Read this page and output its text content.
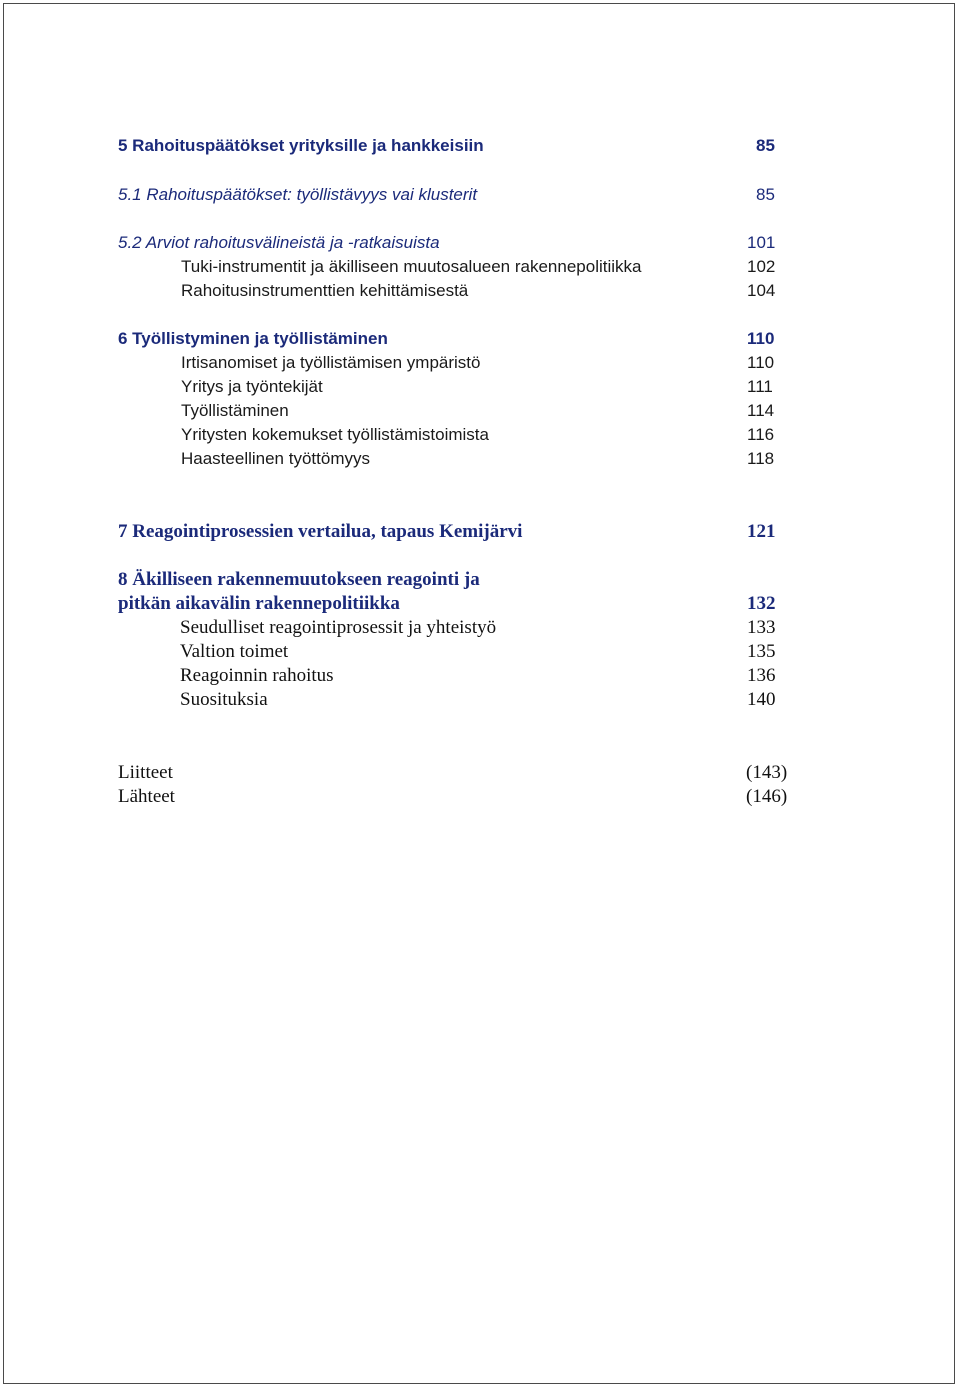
5 Rahoituspäätökset yrityksille ja hankkeisiin	85
5.1 Rahoituspäätökset: työllistävyys vai klusterit	85
5.2 Arviot rahoitusvälineistä ja -ratkaisuista	101
Tuki-instrumentit ja äkilliseen muutosalueen rakennepolitiikka	102
Rahoitusinstrumenttien kehittämisestä	104
6 Työllistyminen ja työllistäminen	110
Irtisanomiset ja työllistämisen ympäristö	110
Yritys ja työntekijät	111
Työllistäminen	114
Yritysten kokemukset työllistämistoimista	116
Haasteellinen työttömyys	118
7 Reagointiprosessien vertailua, tapaus Kemijärvi	121
8 Äkilliseen rakennemuutokseen reagointi ja
pitkän aikavälin rakennepolitiikka	132
Seudulliset reagointiprosessit ja yhteistyö	133
Valtion toimet	135
Reagoinnin rahoitus	136
Suosituksia	140
Liitteet	(143)
Lähteet	(146)
